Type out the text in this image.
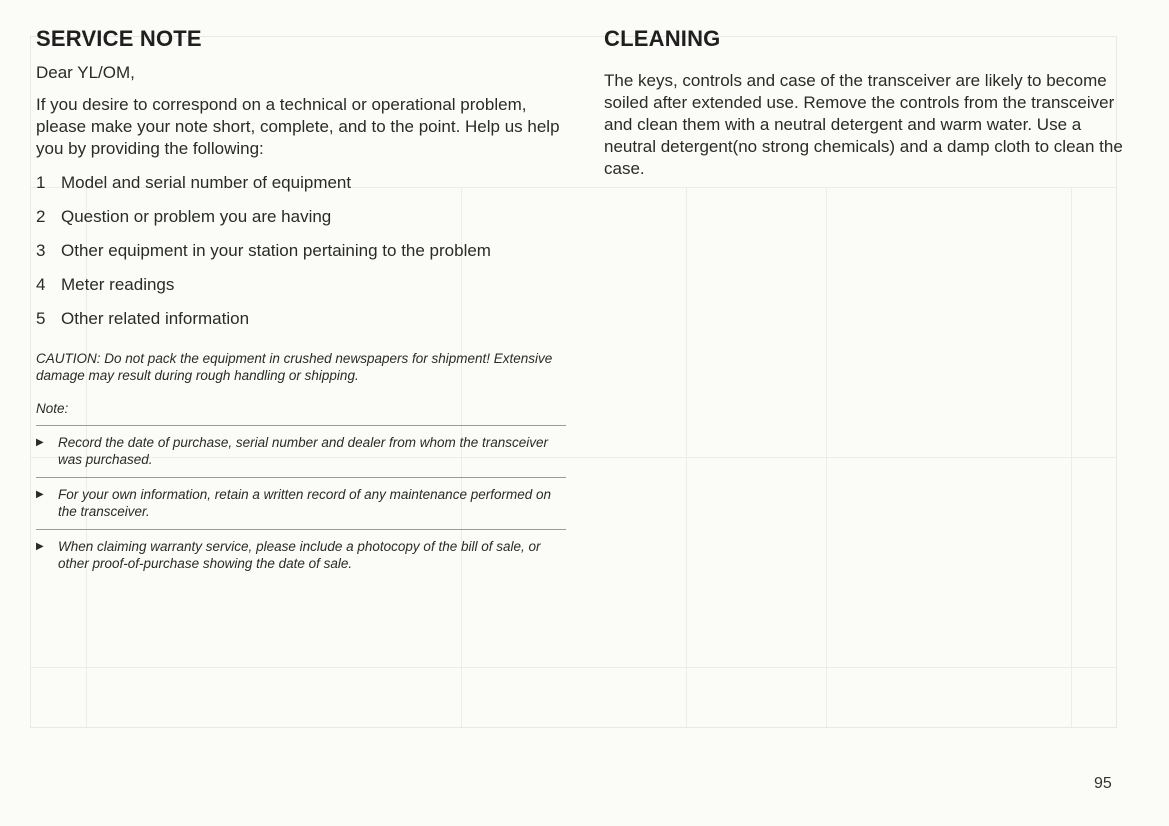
SERVICE NOTE

Dear YL/OM,

If you desire to correspond on a technical or operational problem, please make your note short, complete, and to the point. Help us help you by providing the following:

1 Model and serial number of equipment
2 Question or problem you are having
3 Other equipment in your station pertaining to the problem
4 Meter readings
5 Other related information
CAUTION: Do not pack the equipment in crushed newspapers for shipment! Extensive damage may result during rough handling or shipping.
Note:
▶	Record the date of purchase, serial number and dealer from whom the transceiver was purchased.
▶	For your own information, retain a written record of any maintenance performed on the transceiver.
▶	When claiming warranty service, please include a photocopy of the bill of sale, or other proof-of-purchase showing the date of sale.
CLEANING

The keys, controls and case of the transceiver are likely to become soiled after extended use. Remove the controls from the transceiver and clean them with a neutral detergent and warm water. Use a neutral detergent(no strong chemicals) and a damp cloth to clean the case.

95
